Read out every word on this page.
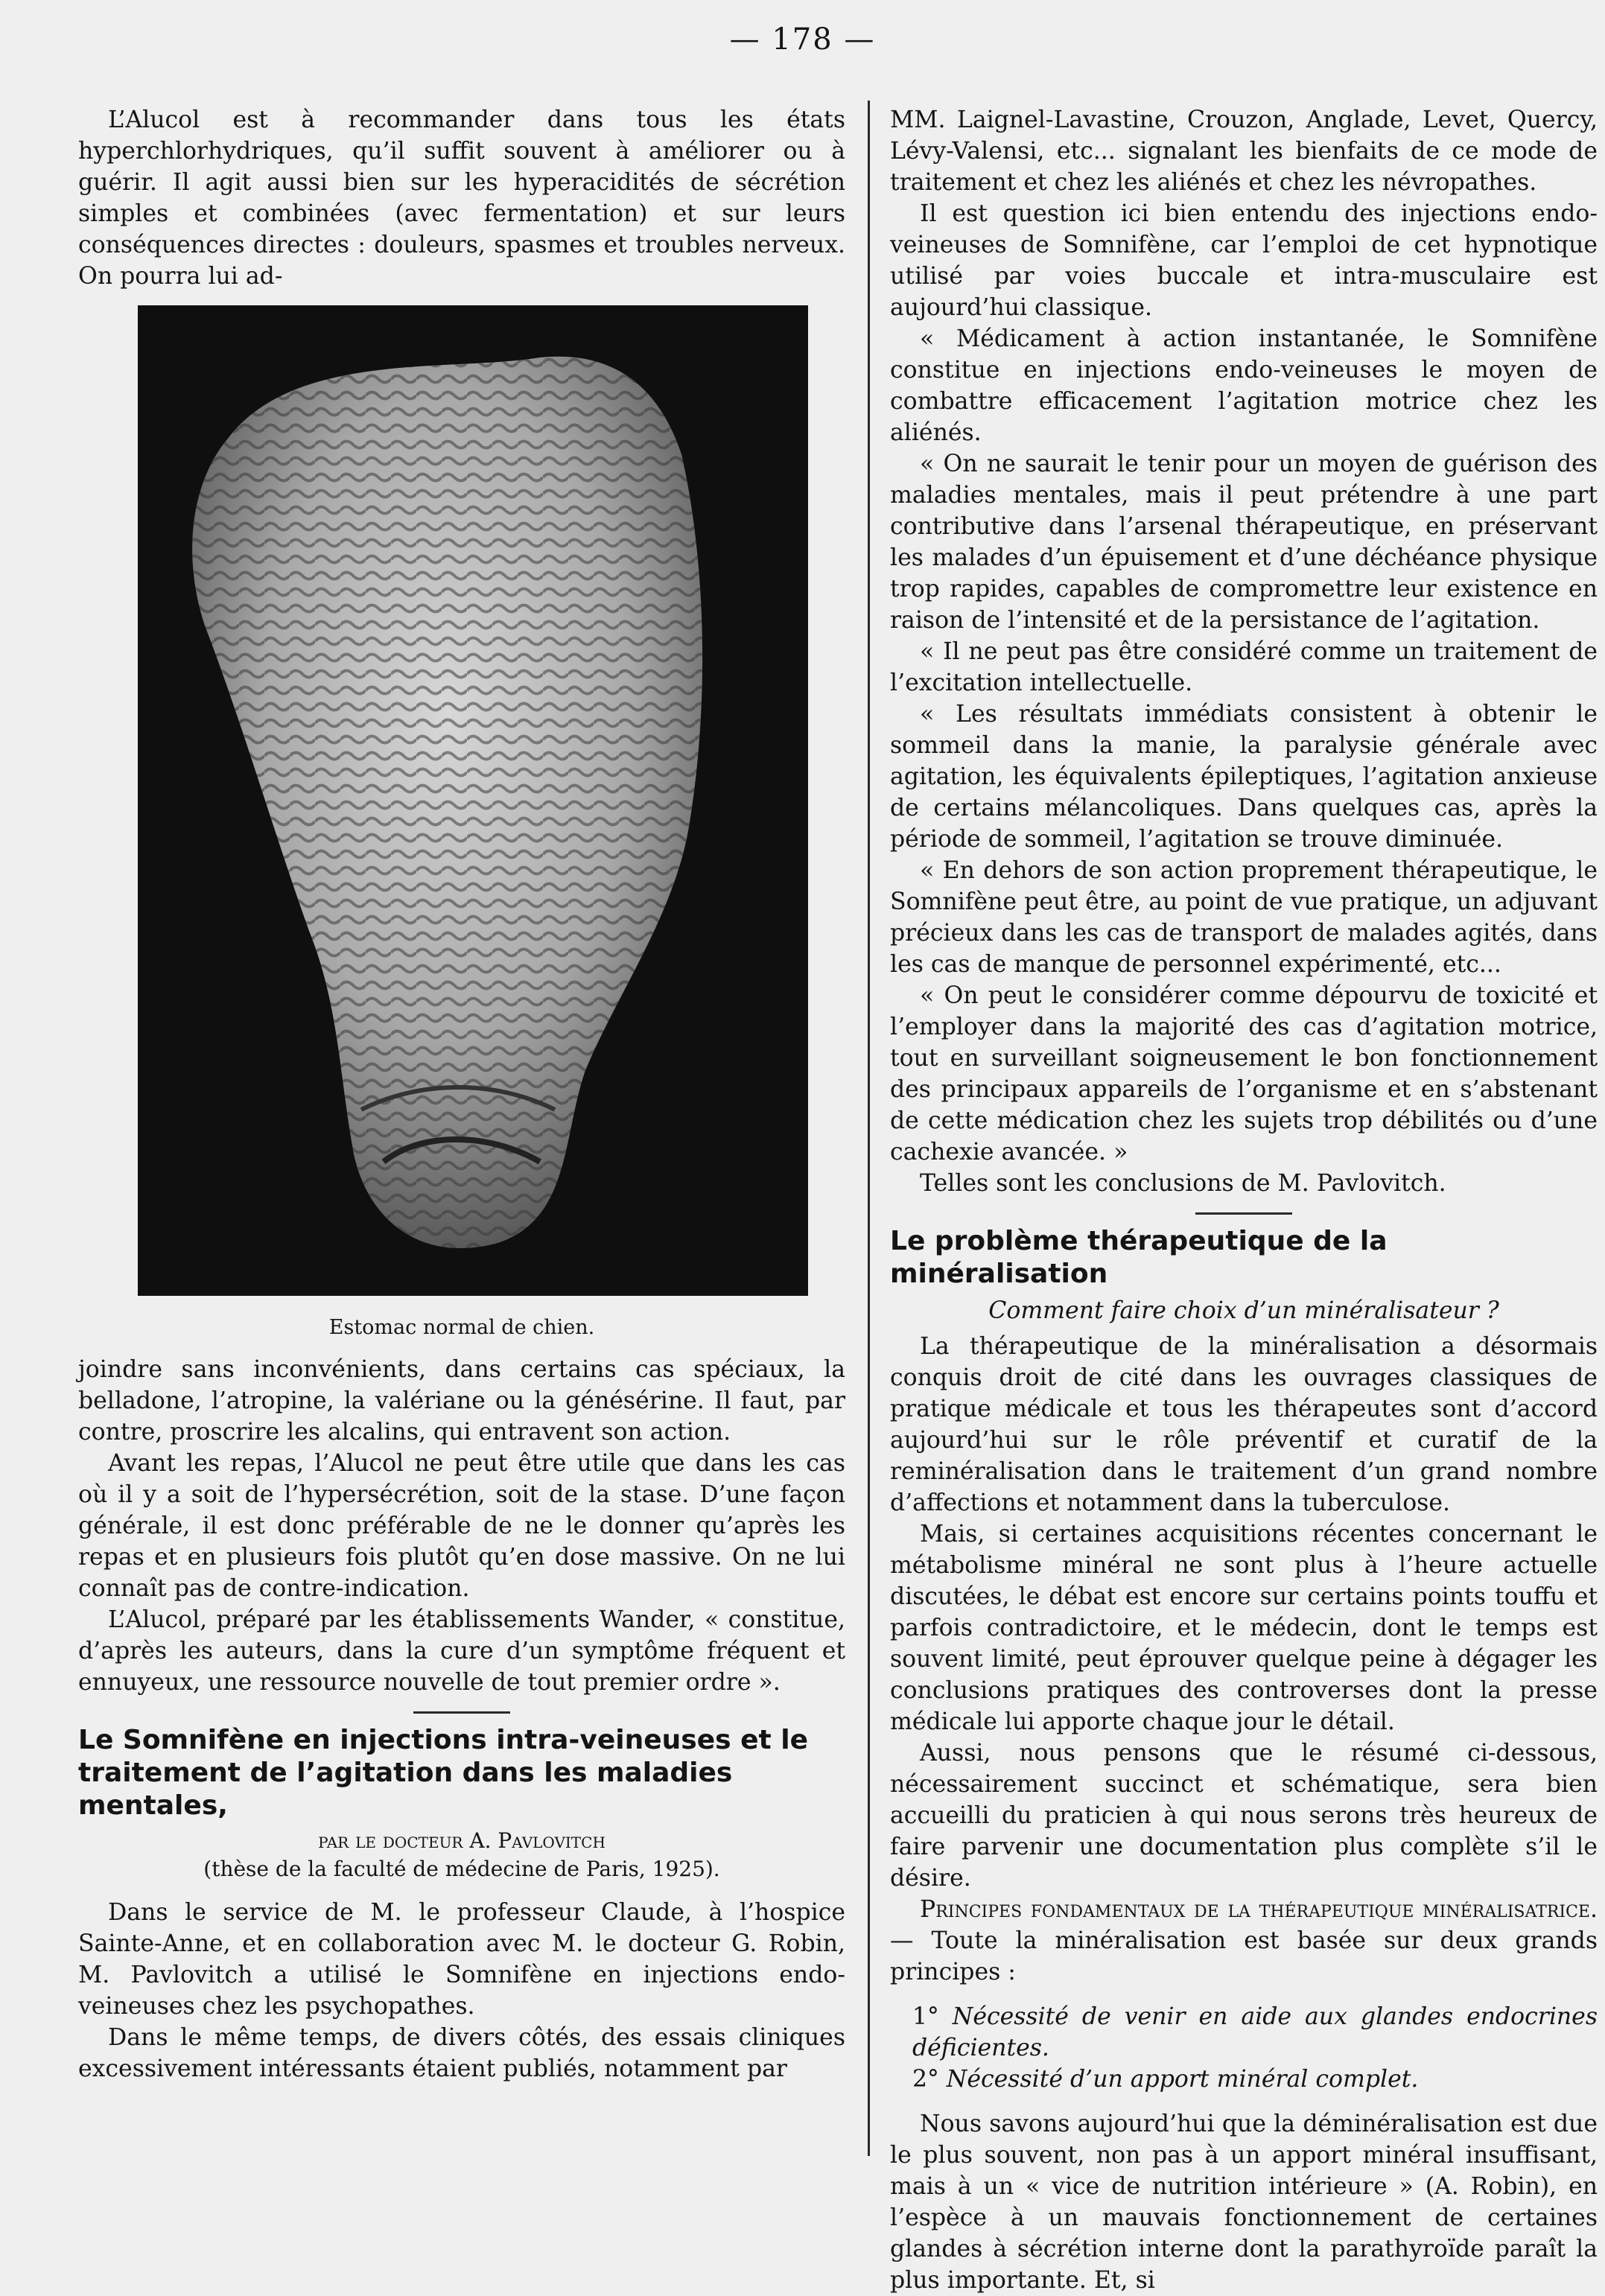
— 178 —

L’Alucol est à recommander dans tous les états hyperchlorhydriques, qu’il suffit souvent à améliorer ou à guérir. Il agit aussi bien sur les hyperacidités de sécrétion simples et combinées (avec fermentation) et sur leurs conséquences directes : douleurs, spasmes et troubles nerveux. On pourra lui ad-

Estomac normal de chien.

joindre sans inconvénients, dans certains cas spéciaux, la belladone, l’atropine, la valériane ou la génésérine. Il faut, par contre, proscrire les alcalins, qui entravent son action.

Avant les repas, l’Alucol ne peut être utile que dans les cas où il y a soit de l’hypersécrétion, soit de la stase. D’une façon générale, il est donc préférable de ne le donner qu’après les repas et en plusieurs fois plutôt qu’en dose massive. On ne lui connaît pas de contre-indication.

L’Alucol, préparé par les établissements Wander, « constitue, d’après les auteurs, dans la cure d’un symptôme fréquent et ennuyeux, une ressource nouvelle de tout premier ordre ».

Le Somnifène en injections intra-veineuses et le traitement de l’agitation dans les maladies mentales,
par le docteur A. Pavlovitch
(thèse de la faculté de médecine de Paris, 1925).

Dans le service de M. le professeur Claude, à l’hospice Sainte-Anne, et en collaboration avec M. le docteur G. Robin, M. Pavlovitch a utilisé le Somnifène en injections endo-veineuses chez les psychopathes.

Dans le même temps, de divers côtés, des essais cliniques excessivement intéressants étaient publiés, notamment par

MM. Laignel-Lavastine, Crouzon, Anglade, Levet, Quercy, Lévy-Valensi, etc... signalant les bienfaits de ce mode de traitement et chez les aliénés et chez les névropathes.

Il est question ici bien entendu des injections endo-veineuses de Somnifène, car l’emploi de cet hypnotique utilisé par voies buccale et intra-musculaire est aujourd’hui classique.

« Médicament à action instantanée, le Somnifène constitue en injections endo-veineuses le moyen de combattre efficacement l’agitation motrice chez les aliénés.

« On ne saurait le tenir pour un moyen de guérison des maladies mentales, mais il peut prétendre à une part contributive dans l’arsenal thérapeutique, en préservant les malades d’un épuisement et d’une déchéance physique trop rapides, capables de compromettre leur existence en raison de l’intensité et de la persistance de l’agitation.

« Il ne peut pas être considéré comme un traitement de l’excitation intellectuelle.

« Les résultats immédiats consistent à obtenir le sommeil dans la manie, la paralysie générale avec agitation, les équivalents épileptiques, l’agitation anxieuse de certains mélancoliques. Dans quelques cas, après la période de sommeil, l’agitation se trouve diminuée.

« En dehors de son action proprement thérapeutique, le Somnifène peut être, au point de vue pratique, un adjuvant précieux dans les cas de transport de malades agités, dans les cas de manque de personnel expérimenté, etc...

« On peut le considérer comme dépourvu de toxicité et l’employer dans la majorité des cas d’agitation motrice, tout en surveillant soigneusement le bon fonctionnement des principaux appareils de l’organisme et en s’abstenant de cette médication chez les sujets trop débilités ou d’une cachexie avancée. »

Telles sont les conclusions de M. Pavlovitch.

Le problème thérapeutique de la minéralisation
Comment faire choix d’un minéralisateur ?

La thérapeutique de la minéralisation a désormais conquis droit de cité dans les ouvrages classiques de pratique médicale et tous les thérapeutes sont d’accord aujourd’hui sur le rôle préventif et curatif de la reminéralisation dans le traitement d’un grand nombre d’affections et notamment dans la tuberculose.

Mais, si certaines acquisitions récentes concernant le métabolisme minéral ne sont plus à l’heure actuelle discutées, le débat est encore sur certains points touffu et parfois contradictoire, et le médecin, dont le temps est souvent limité, peut éprouver quelque peine à dégager les conclusions pratiques des controverses dont la presse médicale lui apporte chaque jour le détail.

Aussi, nous pensons que le résumé ci-dessous, nécessairement succinct et schématique, sera bien accueilli du praticien à qui nous serons très heureux de faire parvenir une documentation plus complète s’il le désire.

Principes fondamentaux de la thérapeutique minéralisatrice. — Toute la minéralisation est basée sur deux grands principes :

1° Nécessité de venir en aide aux glandes endocrines déficientes.

2° Nécessité d’un apport minéral complet.

Nous savons aujourd’hui que la déminéralisation est due le plus souvent, non pas à un apport minéral insuffisant, mais à un « vice de nutrition intérieure » (A. Robin), en l’espèce à un mauvais fonctionnement de certaines glandes à sécrétion interne dont la parathyroïde paraît la plus importante. Et, si
